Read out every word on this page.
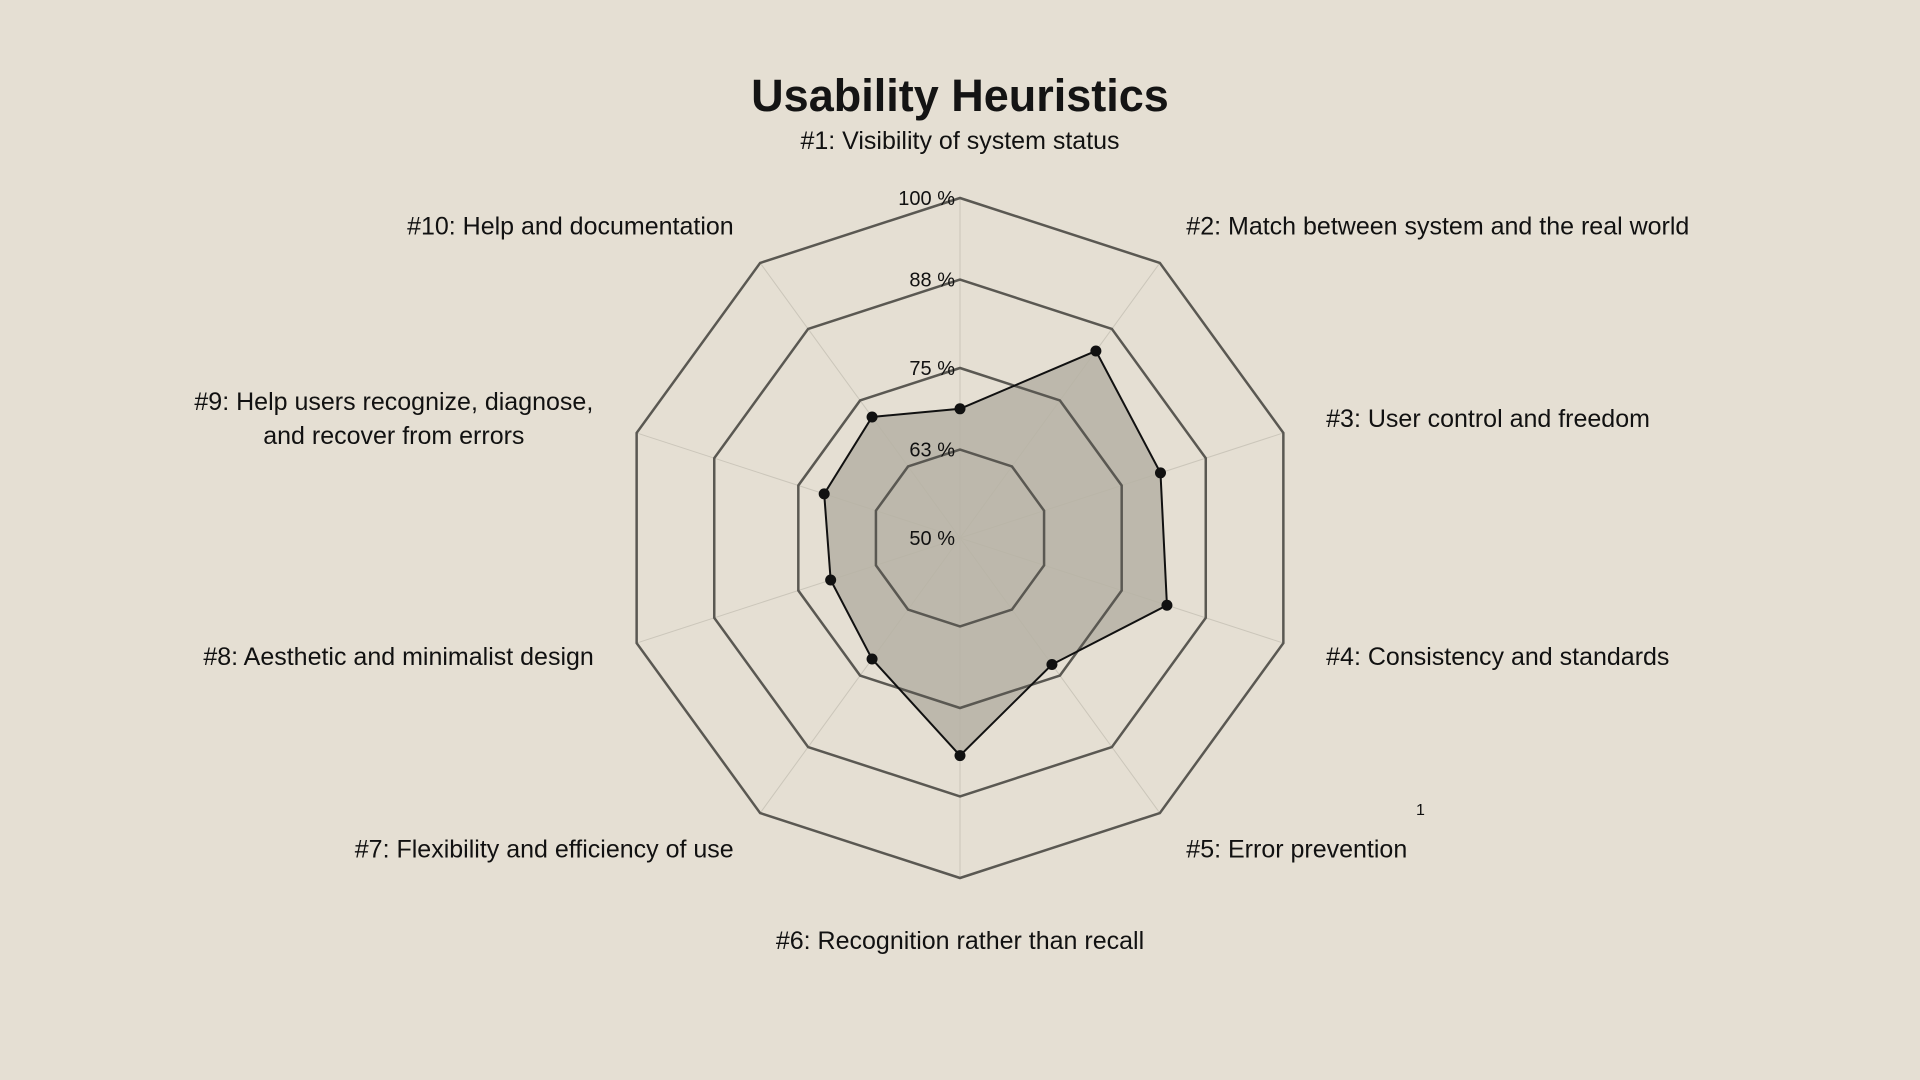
Usability Heuristics
1
50 %
63 %
75 %
88 %
100 %
#1: Visibility of system status
#2: Match between system and the real world
#3: User control and freedom
#4: Consistency and standards
#5: Error prevention
#6: Recognition rather than recall
#7: Flexibility and efficiency of use
#8: Aesthetic and minimalist design
#9: Help users recognize, diagnose, and recover from errors
#10: Help and documentation
